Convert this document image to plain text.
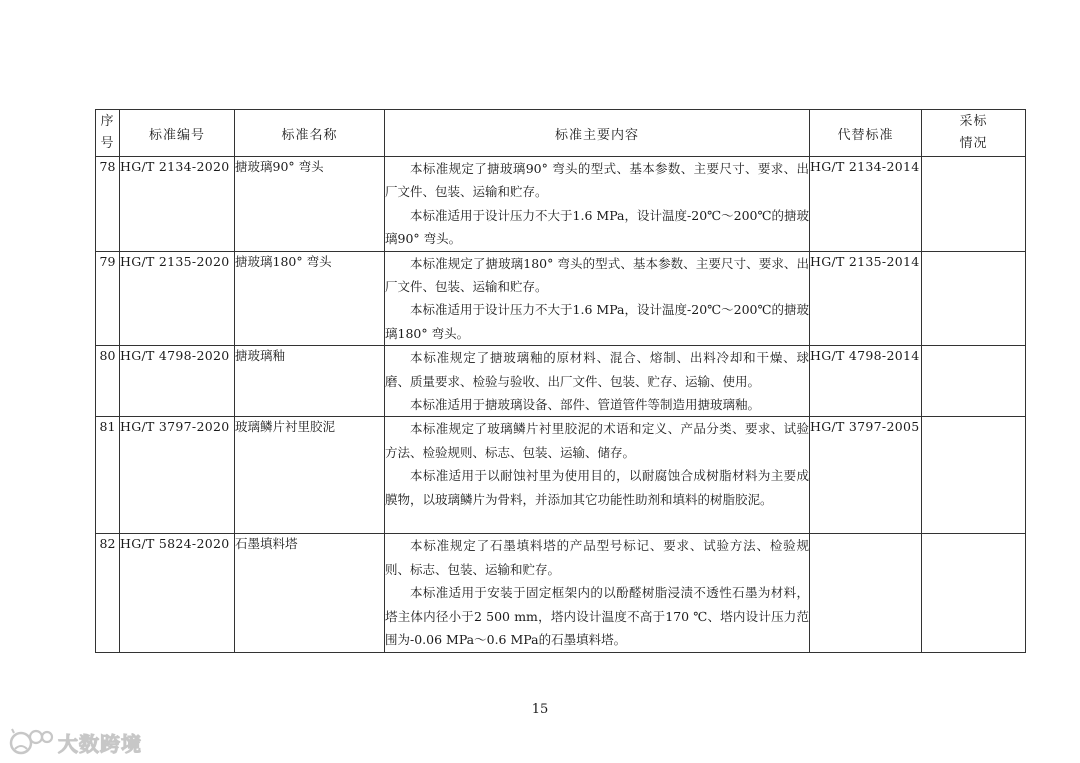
序
号	标准编号	标准名称	标准主要内容	代替标准	采标
情况

78	HG/T 2134-2020	搪玻璃90° 弯头	本标准规定了搪玻璃90° 弯头的型式、基本参数、主要尺寸、要求、出厂文件、包装、运输和贮存。

本标准适用于设计压力不大于1.6 MPa，设计温度-20℃～200℃的搪玻璃90° 弯头。	HG/T 2134-2014	
79	HG/T 2135-2020	搪玻璃180° 弯头	本标准规定了搪玻璃180° 弯头的型式、基本参数、主要尺寸、要求、出厂文件、包装、运输和贮存。

本标准适用于设计压力不大于1.6 MPa，设计温度-20℃～200℃的搪玻璃180° 弯头。	HG/T 2135-2014	
80	HG/T 4798-2020	搪玻璃釉	本标准规定了搪玻璃釉的原材料、混合、熔制、出料冷却和干燥、球磨、质量要求、检验与验收、出厂文件、包装、贮存、运输、使用。

本标准适用于搪玻璃设备、部件、管道管件等制造用搪玻璃釉。	HG/T 4798-2014	
81	HG/T 3797-2020	玻璃鳞片衬里胶泥	本标准规定了玻璃鳞片衬里胶泥的术语和定义、产品分类、要求、试验方法、检验规则、标志、包装、运输、储存。

本标准适用于以耐蚀衬里为使用目的，以耐腐蚀合成树脂材料为主要成膜物，以玻璃鳞片为骨料，并添加其它功能性助剂和填料的树脂胶泥。	HG/T 3797-2005	
82	HG/T 5824-2020	石墨填料塔	本标准规定了石墨填料塔的产品型号标记、要求、试验方法、检验规则、标志、包装、运输和贮存。

本标准适用于安装于固定框架内的以酚醛树脂浸渍不透性石墨为材料，塔主体内径小于2 500 mm，塔内设计温度不高于170 ℃、塔内设计压力范围为-0.06 MPa～0.6 MPa的石墨填料塔。		

15
大数跨境
